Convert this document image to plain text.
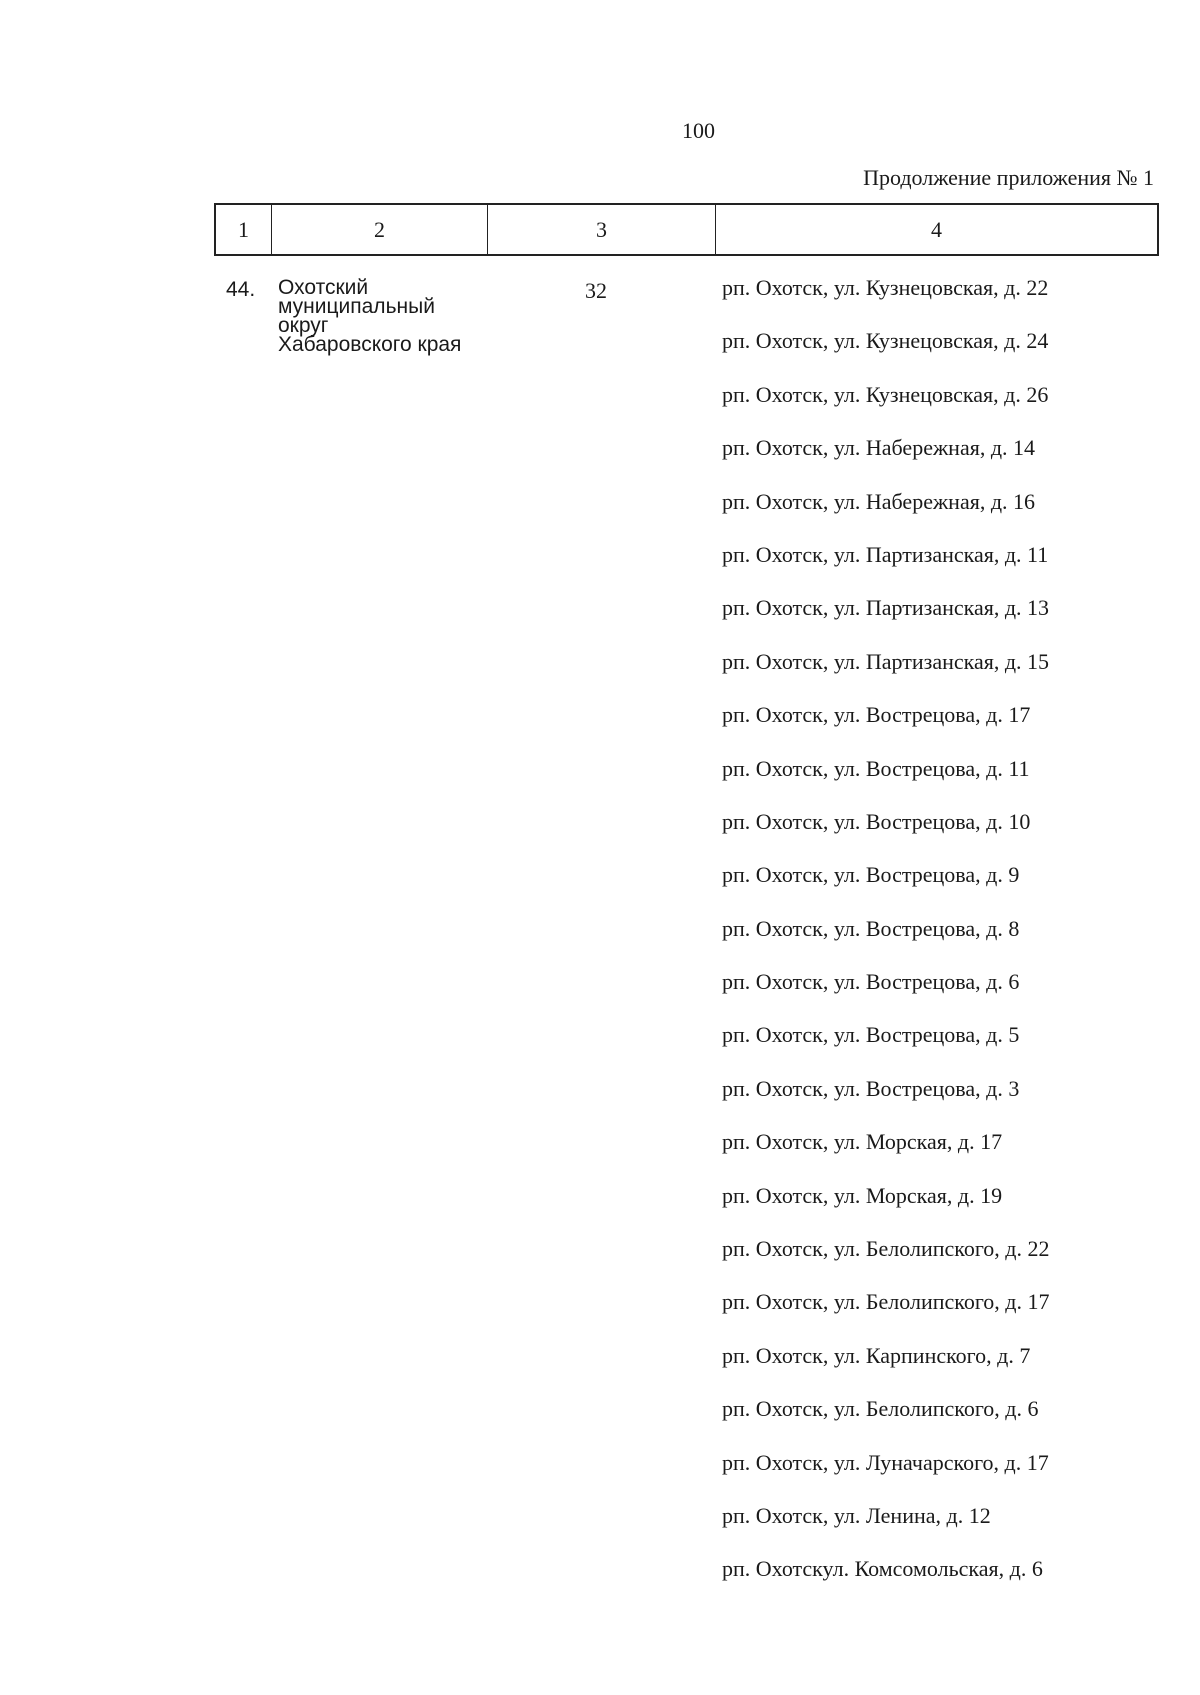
100
Продолжение приложения № 1
1	2	3	4
44. Охотский
муниципальный
округ
Хабаровского края
32	рп. Охотск, ул. Кузнецовская, д. 22
рп. Охотск, ул. Кузнецовская, д. 24
рп. Охотск, ул. Кузнецовская, д. 26
рп. Охотск, ул. Набережная, д. 14
рп. Охотск, ул. Набережная, д. 16
рп. Охотск, ул. Партизанская, д. 11
рп. Охотск, ул. Партизанская, д. 13
рп. Охотск, ул. Партизанская, д. 15
рп. Охотск, ул. Вострецова, д. 17
рп. Охотск, ул. Вострецова, д. 11
рп. Охотск, ул. Вострецова, д. 10
рп. Охотск, ул. Вострецова, д. 9
рп. Охотск, ул. Вострецова, д. 8
рп. Охотск, ул. Вострецова, д. 6
рп. Охотск, ул. Вострецова, д. 5
рп. Охотск, ул. Вострецова, д. 3
рп. Охотск, ул. Морская, д. 17
рп. Охотск, ул. Морская, д. 19
рп. Охотск, ул. Белолипского, д. 22
рп. Охотск, ул. Белолипского, д. 17
рп. Охотск, ул. Карпинского, д. 7
рп. Охотск, ул. Белолипского, д. 6
рп. Охотск, ул. Луначарского, д. 17
рп. Охотск, ул. Ленина, д. 12
рп. Охотскул. Комсомольская, д. 6
